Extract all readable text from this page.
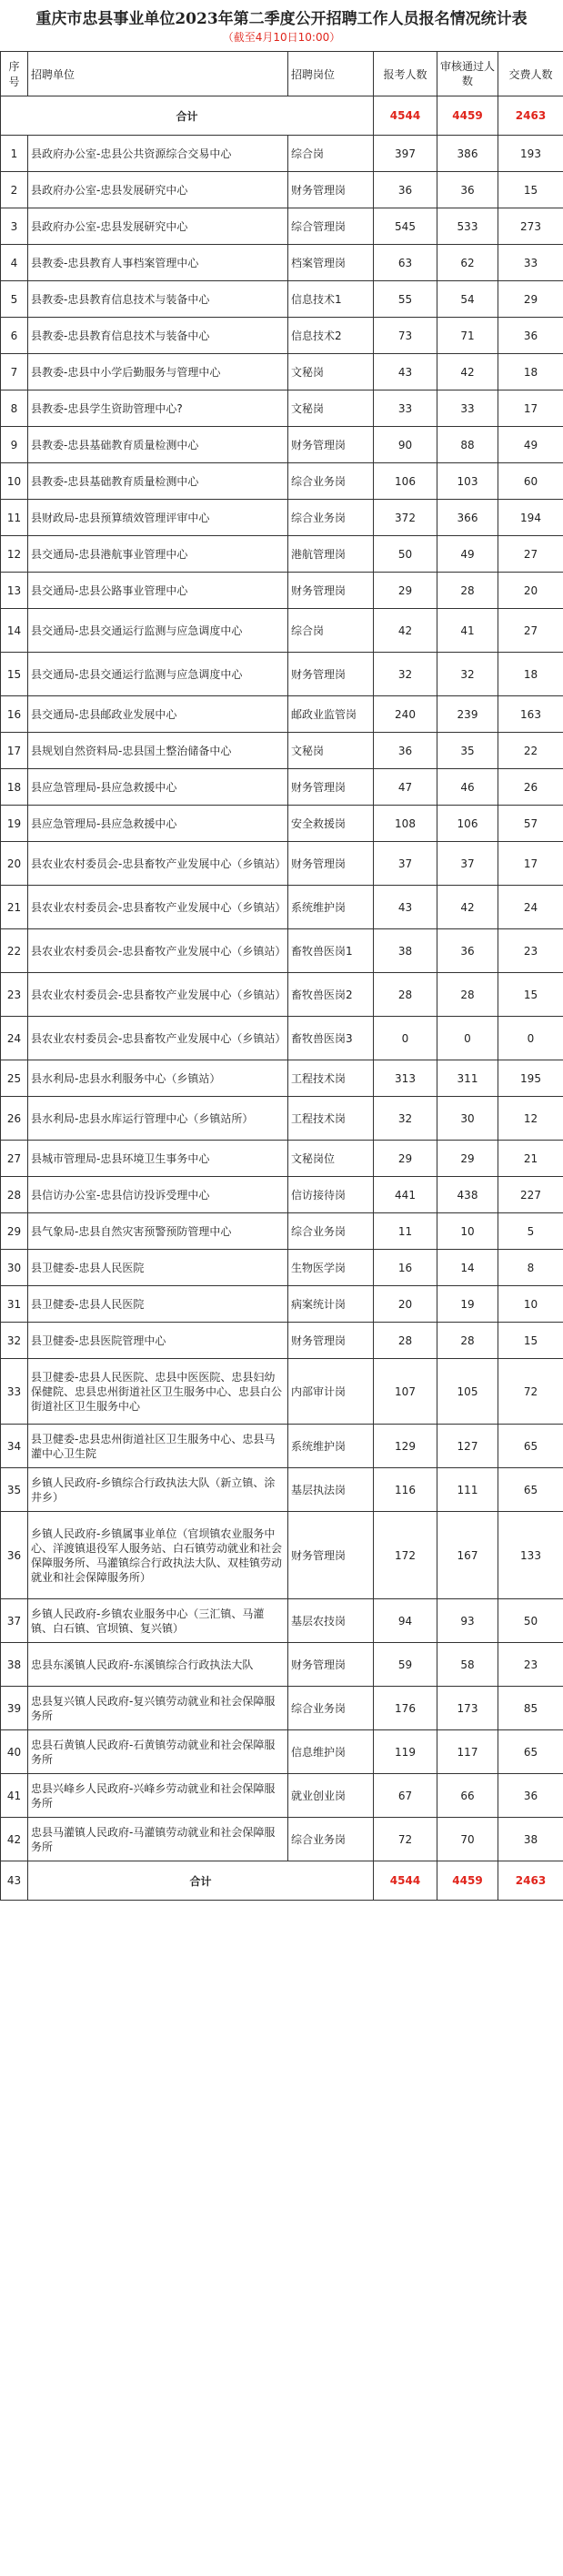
重庆市忠县事业单位2023年第二季度公开招聘工作人员报名情况统计表
（截至4月10日10:00）
序号	招聘单位	招聘岗位	报考人数	审核通过人数	交费人数
合计			4544	4459	2463
1	县政府办公室-忠县公共资源综合交易中心	综合岗	397	386	193
2	县政府办公室-忠县发展研究中心	财务管理岗	36	36	15
3	县政府办公室-忠县发展研究中心	综合管理岗	545	533	273
4	县教委-忠县教育人事档案管理中心	档案管理岗	63	62	33
5	县教委-忠县教育信息技术与装备中心	信息技术1	55	54	29
6	县教委-忠县教育信息技术与装备中心	信息技术2	73	71	36
7	县教委-忠县中小学后勤服务与管理中心	文秘岗	43	42	18
8	县教委-忠县学生资助管理中心?	文秘岗	33	33	17
9	县教委-忠县基础教育质量检测中心	财务管理岗	90	88	49
10	县教委-忠县基础教育质量检测中心	综合业务岗	106	103	60
11	县财政局-忠县预算绩效管理评审中心	综合业务岗	372	366	194
12	县交通局-忠县港航事业管理中心	港航管理岗	50	49	27
13	县交通局-忠县公路事业管理中心	财务管理岗	29	28	20
14	县交通局-忠县交通运行监测与应急调度中心	综合岗	42	41	27
15	县交通局-忠县交通运行监测与应急调度中心	财务管理岗	32	32	18
16	县交通局-忠县邮政业发展中心	邮政业监管岗	240	239	163
17	县规划自然资料局-忠县国土整治储备中心	文秘岗	36	35	22
18	县应急管理局-县应急救援中心	财务管理岗	47	46	26
19	县应急管理局-县应急救援中心	安全救援岗	108	106	57
20	县农业农村委员会-忠县畜牧产业发展中心（乡镇站）	财务管理岗	37	37	17
21	县农业农村委员会-忠县畜牧产业发展中心（乡镇站）	系统维护岗	43	42	24
22	县农业农村委员会-忠县畜牧产业发展中心（乡镇站）	畜牧兽医岗1	38	36	23
23	县农业农村委员会-忠县畜牧产业发展中心（乡镇站）	畜牧兽医岗2	28	28	15
24	县农业农村委员会-忠县畜牧产业发展中心（乡镇站）	畜牧兽医岗3	0	0	0
25	县水利局-忠县水利服务中心（乡镇站）	工程技术岗	313	311	195
26	县水利局-忠县水库运行管理中心（乡镇站所）	工程技术岗	32	30	12
27	县城市管理局-忠县环境卫生事务中心	文秘岗位	29	29	21
28	县信访办公室-忠县信访投诉受理中心	信访接待岗	441	438	227
29	县气象局-忠县自然灾害预警预防管理中心	综合业务岗	11	10	5
30	县卫健委-忠县人民医院	生物医学岗	16	14	8
31	县卫健委-忠县人民医院	病案统计岗	20	19	10
32	县卫健委-忠县医院管理中心	财务管理岗	28	28	15
33	县卫健委-忠县人民医院、忠县中医医院、忠县妇幼保健院、忠县忠州街道社区卫生服务中心、忠县白公街道社区卫生服务中心	内部审计岗	107	105	72
34	县卫健委-忠县忠州街道社区卫生服务中心、忠县马灌中心卫生院	系统维护岗	129	127	65
35	乡镇人民政府-乡镇综合行政执法大队（新立镇、涂井乡）	基层执法岗	116	111	65
36	乡镇人民政府-乡镇属事业单位（官坝镇农业服务中心、洋渡镇退役军人服务站、白石镇劳动就业和社会保障服务所、马灌镇综合行政执法大队、双桂镇劳动就业和社会保障服务所）	财务管理岗	172	167	133
37	乡镇人民政府-乡镇农业服务中心（三汇镇、马灌镇、白石镇、官坝镇、复兴镇）	基层农技岗	94	93	50
38	忠县东溪镇人民政府-东溪镇综合行政执法大队	财务管理岗	59	58	23
39	忠县复兴镇人民政府-复兴镇劳动就业和社会保障服务所	综合业务岗	176	173	85
40	忠县石黄镇人民政府-石黄镇劳动就业和社会保障服务所	信息维护岗	119	117	65
41	忠县兴峰乡人民政府-兴峰乡劳动就业和社会保障服务所	就业创业岗	67	66	36
42	忠县马灌镇人民政府-马灌镇劳动就业和社会保障服务所	综合业务岗	72	70	38
43	合计		4544	4459	2463
